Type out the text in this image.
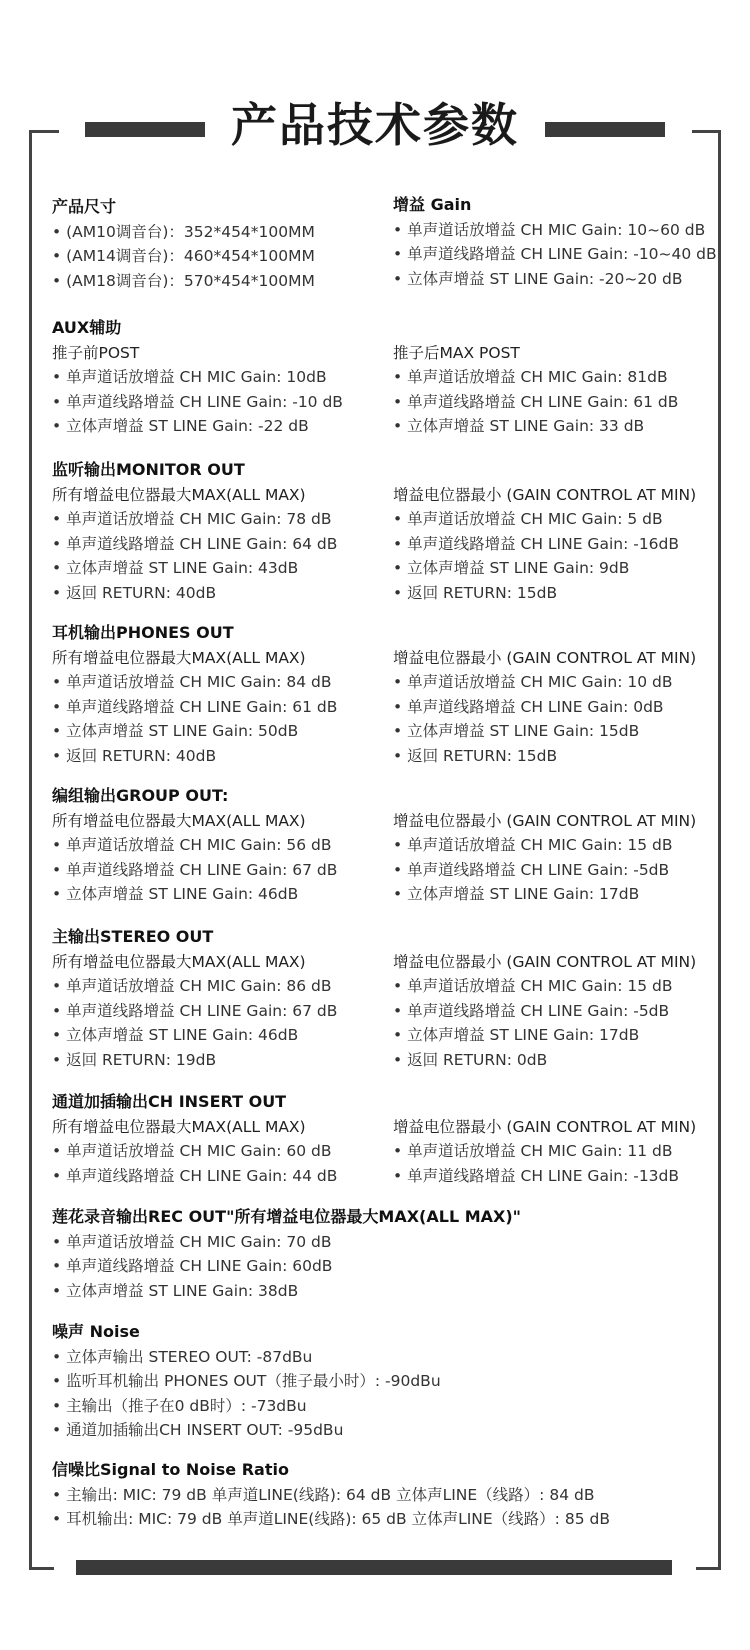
产品技术参数
产品尺寸
• (AM10调音台)：352*454*100MM
• (AM14调音台)：460*454*100MM
• (AM18调音台)：570*454*100MM
增益 Gain
• 单声道话放增益 CH MIC Gain: 10~60 dB
• 单声道线路增益 CH LINE Gain: -10~40 dB
• 立体声增益 ST LINE Gain: -20~20 dB
AUX辅助
推子前POST
• 单声道话放增益 CH MIC Gain: 10dB
• 单声道线路增益 CH LINE Gain: -10 dB
• 立体声增益 ST LINE Gain: -22 dB
推子后MAX POST
• 单声道话放增益 CH MIC Gain: 81dB
• 单声道线路增益 CH LINE Gain: 61 dB
• 立体声增益 ST LINE Gain: 33 dB
监听输出MONITOR OUT
所有增益电位器最大MAX(ALL MAX)
• 单声道话放增益 CH MIC Gain: 78 dB
• 单声道线路增益 CH LINE Gain: 64 dB
• 立体声增益 ST LINE Gain: 43dB
• 返回 RETURN: 40dB
增益电位器最小 (GAIN CONTROL AT MIN)
• 单声道话放增益 CH MIC Gain: 5 dB
• 单声道线路增益 CH LINE Gain: -16dB
• 立体声增益 ST LINE Gain: 9dB
• 返回 RETURN: 15dB
耳机输出PHONES OUT
所有增益电位器最大MAX(ALL MAX)
• 单声道话放增益 CH MIC Gain: 84 dB
• 单声道线路增益 CH LINE Gain: 61 dB
• 立体声增益 ST LINE Gain: 50dB
• 返回 RETURN: 40dB
增益电位器最小 (GAIN CONTROL AT MIN)
• 单声道话放增益 CH MIC Gain: 10 dB
• 单声道线路增益 CH LINE Gain: 0dB
• 立体声增益 ST LINE Gain: 15dB
• 返回 RETURN: 15dB
编组输出GROUP OUT:
所有增益电位器最大MAX(ALL MAX)
• 单声道话放增益 CH MIC Gain: 56 dB
• 单声道线路增益 CH LINE Gain: 67 dB
• 立体声增益 ST LINE Gain: 46dB
增益电位器最小 (GAIN CONTROL AT MIN)
• 单声道话放增益 CH MIC Gain: 15 dB
• 单声道线路增益 CH LINE Gain: -5dB
• 立体声增益 ST LINE Gain: 17dB
主输出STEREO OUT
所有增益电位器最大MAX(ALL MAX)
• 单声道话放增益 CH MIC Gain: 86 dB
• 单声道线路增益 CH LINE Gain: 67 dB
• 立体声增益 ST LINE Gain: 46dB
• 返回 RETURN: 19dB
增益电位器最小 (GAIN CONTROL AT MIN)
• 单声道话放增益 CH MIC Gain: 15 dB
• 单声道线路增益 CH LINE Gain: -5dB
• 立体声增益 ST LINE Gain: 17dB
• 返回 RETURN: 0dB
通道加插输出CH INSERT OUT
所有增益电位器最大MAX(ALL MAX)
• 单声道话放增益 CH MIC Gain: 60 dB
• 单声道线路增益 CH LINE Gain: 44 dB
增益电位器最小 (GAIN CONTROL AT MIN)
• 单声道话放增益 CH MIC Gain: 11 dB
• 单声道线路增益 CH LINE Gain: -13dB
莲花录音输出REC OUT"所有增益电位器最大MAX(ALL MAX)"
• 单声道话放增益 CH MIC Gain: 70 dB
• 单声道线路增益 CH LINE Gain: 60dB
• 立体声增益 ST LINE Gain: 38dB
噪声 Noise
• 立体声输出 STEREO OUT: -87dBu
• 监听耳机输出 PHONES OUT（推子最小时）: -90dBu
• 主输出（推子在0 dB时）: -73dBu
• 通道加插输出CH INSERT OUT: -95dBu
信噪比Signal to Noise Ratio
• 主输出: MIC: 79 dB 单声道LINE(线路): 64 dB 立体声LINE（线路）: 84 dB
• 耳机输出: MIC: 79 dB 单声道LINE(线路): 65 dB 立体声LINE（线路）: 85 dB
